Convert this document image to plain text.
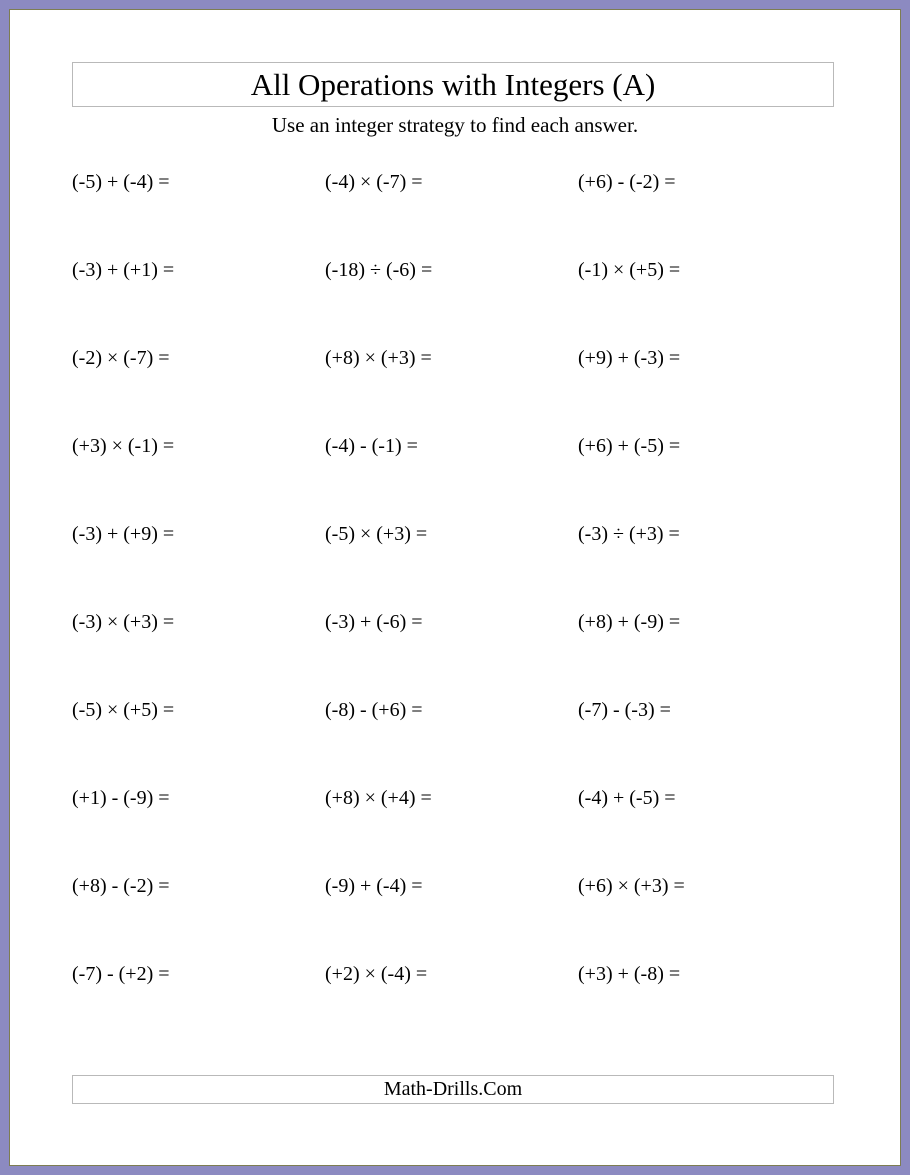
All Operations with Integers (A)
Use an integer strategy to find each answer.
(-5) + (-4) =	(-4) × (-7) =	(+6) - (-2) =
(-3) + (+1) =	(-18) ÷ (-6) =	(-1) × (+5) =
(-2) × (-7) =	(+8) × (+3) =	(+9) + (-3) =
(+3) × (-1) =	(-4) - (-1) =	(+6) + (-5) =
(-3) + (+9) =	(-5) × (+3) =	(-3) ÷ (+3) =
(-3) × (+3) =	(-3) + (-6) =	(+8) + (-9) =
(-5) × (+5) =	(-8) - (+6) =	(-7) - (-3) =
(+1) - (-9) =	(+8) × (+4) =	(-4) + (-5) =
(+8) - (-2) =	(-9) + (-4) =	(+6) × (+3) =
(-7) - (+2) =	(+2) × (-4) =	(+3) + (-8) =
Math-Drills.Com
